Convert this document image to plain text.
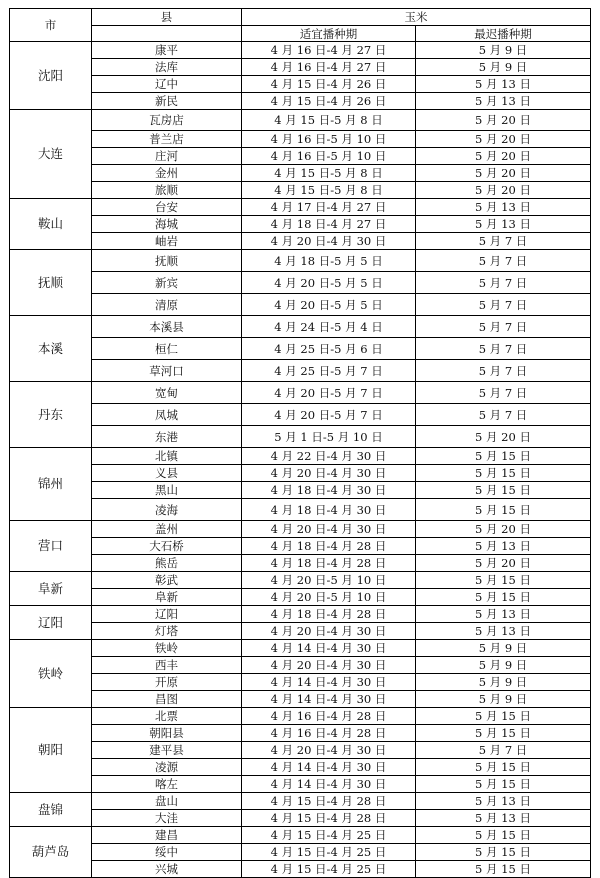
市	县	玉米	
		适宜播种期	最迟播种期
沈阳	康平	4 月 16 日-4 月 27 日	5 月 9 日
	法库	4 月 16 日-4 月 27 日	5 月 9 日
	辽中	4 月 15 日-4 月 26 日	5 月 13 日
	新民	4 月 15 日-4 月 26 日	5 月 13 日
大连	瓦房店	4 月 15 日-5 月 8 日	5 月 20 日
	普兰店	4 月 16 日-5 月 10 日	5 月 20 日
	庄河	4 月 16 日-5 月 10 日	5 月 20 日
	金州	4 月 15 日-5 月 8 日	5 月 20 日
	旅顺	4 月 15 日-5 月 8 日	5 月 20 日
鞍山	台安	4 月 17 日-4 月 27 日	5 月 13 日
	海城	4 月 18 日-4 月 27 日	5 月 13 日
	岫岩	4 月 20 日-4 月 30 日	5 月 7 日
抚顺	抚顺	4 月 18 日-5 月 5 日	5 月 7 日
	新宾	4 月 20 日-5 月 5 日	5 月 7 日
	清原	4 月 20 日-5 月 5 日	5 月 7 日
本溪	本溪县	4 月 24 日-5 月 4 日	5 月 7 日
	桓仁	4 月 25 日-5 月 6 日	5 月 7 日
	草河口	4 月 25 日-5 月 7 日	5 月 7 日
丹东	宽甸	4 月 20 日-5 月 7 日	5 月 7 日
	凤城	4 月 20 日-5 月 7 日	5 月 7 日
	东港	5 月 1 日-5 月 10 日	5 月 20 日
锦州	北镇	4 月 22 日-4 月 30 日	5 月 15 日
	义县	4 月 20 日-4 月 30 日	5 月 15 日
	黑山	4 月 18 日-4 月 30 日	5 月 15 日
	凌海	4 月 18 日-4 月 30 日	5 月 15 日
营口	盖州	4 月 20 日-4 月 30 日	5 月 20 日
	大石桥	4 月 18 日-4 月 28 日	5 月 13 日
	熊岳	4 月 18 日-4 月 28 日	5 月 20 日
阜新	彰武	4 月 20 日-5 月 10 日	5 月 15 日
	阜新	4 月 20 日-5 月 10 日	5 月 15 日
辽阳	辽阳	4 月 18 日-4 月 28 日	5 月 13 日
	灯塔	4 月 20 日-4 月 30 日	5 月 13 日
铁岭	铁岭	4 月 14 日-4 月 30 日	5 月 9 日
	西丰	4 月 20 日-4 月 30 日	5 月 9 日
	开原	4 月 14 日-4 月 30 日	5 月 9 日
	昌图	4 月 14 日-4 月 30 日	5 月 9 日
朝阳	北票	4 月 16 日-4 月 28 日	5 月 15 日
	朝阳县	4 月 16 日-4 月 28 日	5 月 15 日
	建平县	4 月 20 日-4 月 30 日	5 月 7 日
	凌源	4 月 14 日-4 月 30 日	5 月 15 日
	喀左	4 月 14 日-4 月 30 日	5 月 15 日
盘锦	盘山	4 月 15 日-4 月 28 日	5 月 13 日
	大洼	4 月 15 日-4 月 28 日	5 月 13 日
葫芦岛	建昌	4 月 15 日-4 月 25 日	5 月 15 日
	绥中	4 月 15 日-4 月 25 日	5 月 15 日
	兴城	4 月 15 日-4 月 25 日	5 月 15 日
